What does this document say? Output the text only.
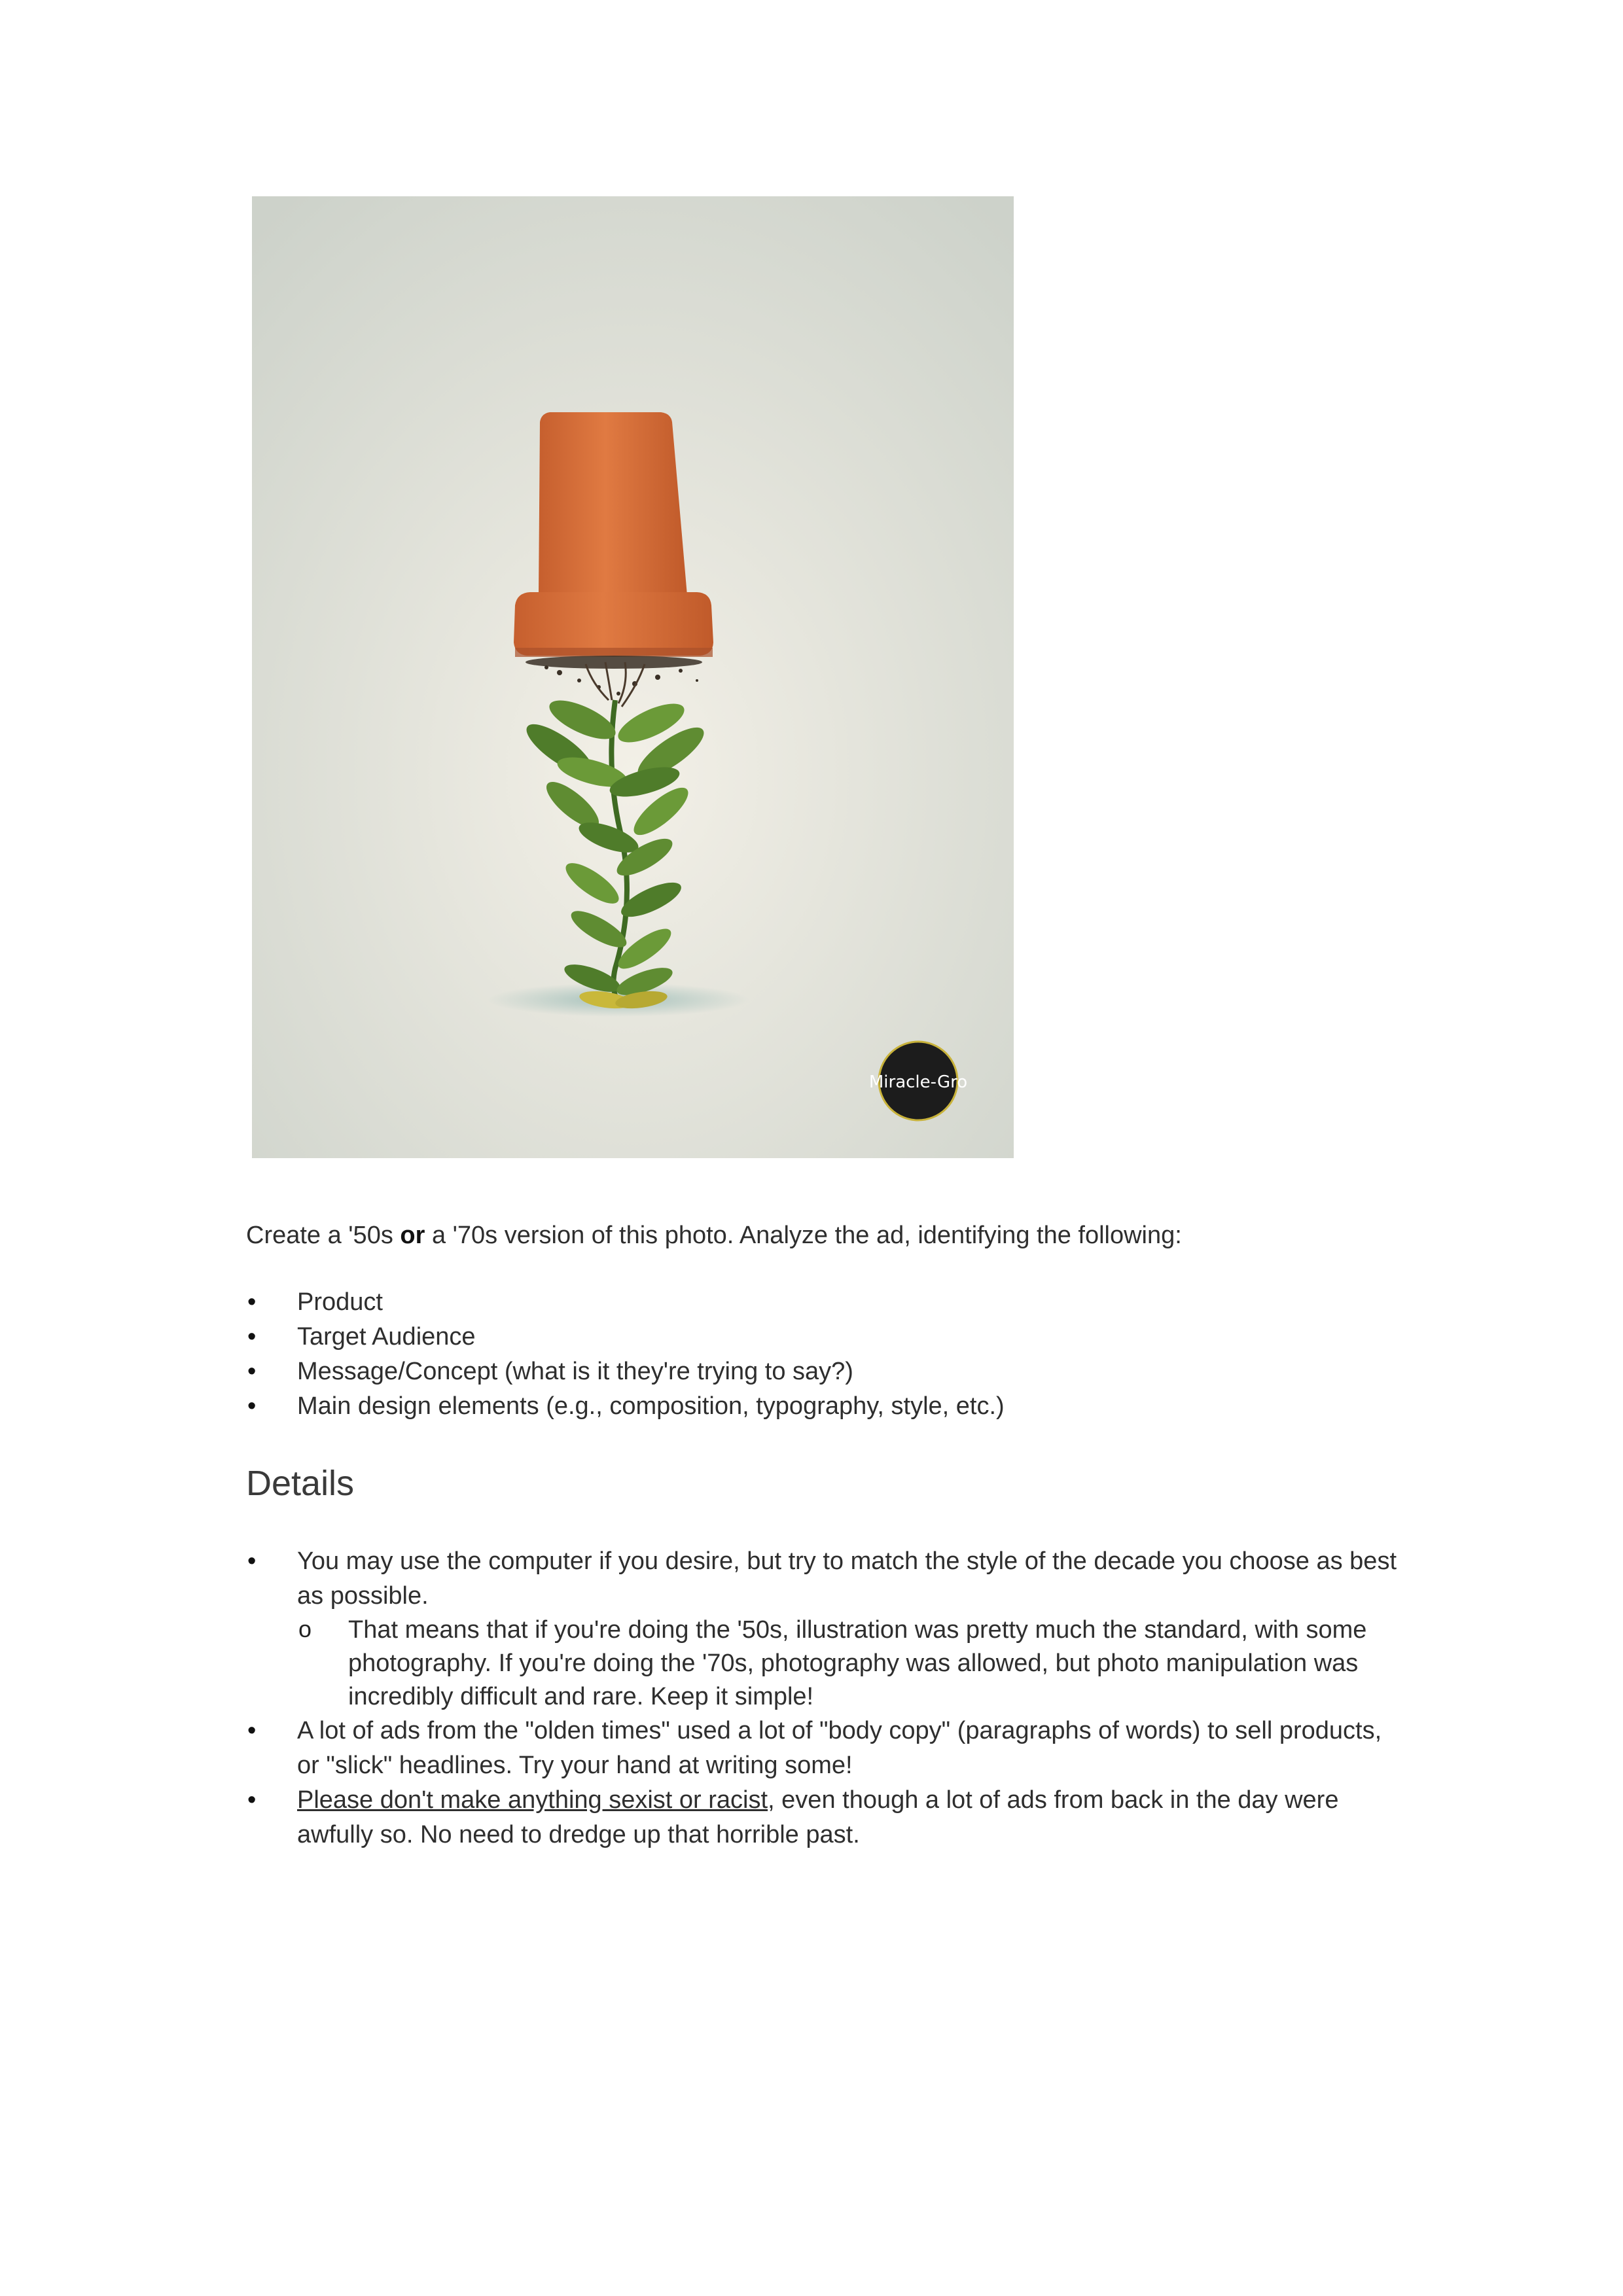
Miracle-Gro

Create a '50s or a '70s version of this photo. Analyze the ad, identifying the following:

• Product
• Target Audience
• Message/Concept (what is it they're trying to say?)
• Main design elements (e.g., composition, typography, style, etc.)
Details
• You may use the computer if you desire, but try to match the style of the decade you choose as best as possible.
o That means that if you're doing the '50s, illustration was pretty much the standard, with some photography. If you're doing the '70s, photography was allowed, but photo manipulation was incredibly difficult and rare. Keep it simple!
• A lot of ads from the "olden times" used a lot of "body copy" (paragraphs of words) to sell products, or "slick" headlines. Try your hand at writing some!
• Please don't make anything sexist or racist, even though a lot of ads from back in the day were awfully so. No need to dredge up that horrible past.
